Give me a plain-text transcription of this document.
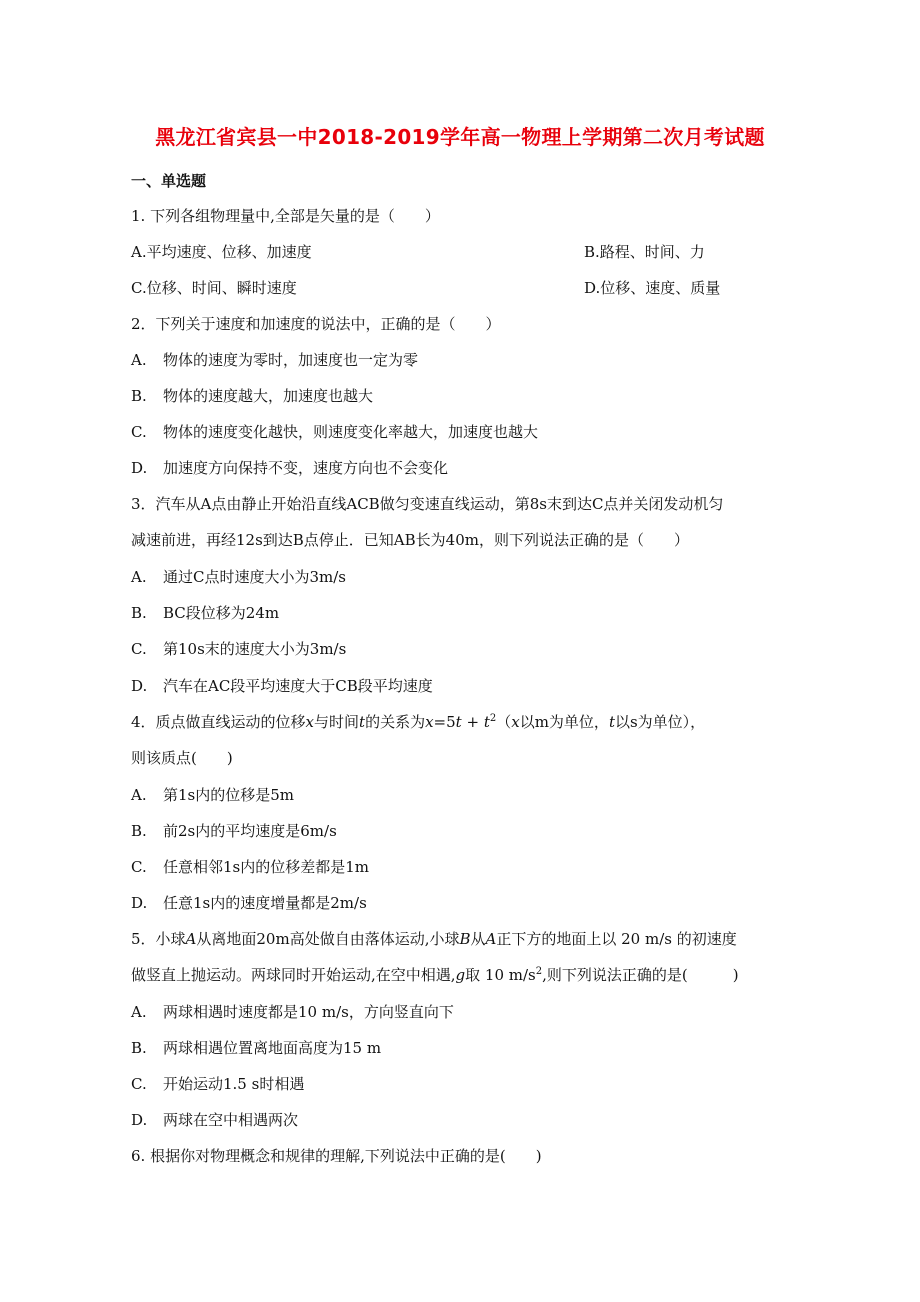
黑龙江省宾县一中2018-2019学年高一物理上学期第二次月考试题
一、单选题
1. 下列各组物理量中,全部是矢量的是（　　）
A.平均速度、位移、加速度	B.路程、时间、力
C.位移、时间、瞬时速度	D.位移、速度、质量
2．下列关于速度和加速度的说法中，正确的是（　　）
A. 物体的速度为零时，加速度也一定为零
B. 物体的速度越大，加速度也越大
C. 物体的速度变化越快，则速度变化率越大，加速度也越大
D. 加速度方向保持不变，速度方向也不会变化
3．汽车从A点由静止开始沿直线ACB做匀变速直线运动，第8s末到达C点并关闭发动机匀
减速前进，再经12s到达B点停止．已知AB长为40m，则下列说法正确的是（　　）
A. 通过C点时速度大小为3m/s
B. BC段位移为24m
C. 第10s末的速度大小为3m/s
D. 汽车在AC段平均速度大于CB段平均速度
4．质点做直线运动的位移x与时间t的关系为$x=5t + t^2(x$以m为单位，t以s为单位），
则该质点(　　)
A. 第1s内的位移是5m
B. 前2s内的平均速度是6m/s
C. 任意相邻1s内的位移差都是1m
D. 任意1s内的速度增量都是2m/s
5．小球A从离地面20m高处做自由落体运动,小球B从A正下方的地面上以 20 m/s 的初速度
做竖直上抛运动。两球同时开始运动,在空中相遇,g取 10 $m/s^2$,则下列说法正确的是(　　　)
A. 两球相遇时速度都是10 m/s，方向竖直向下
B. 两球相遇位置离地面高度为15 m
C. 开始运动1.5 s时相遇
D. 两球在空中相遇两次
6. 根据你对物理概念和规律的理解,下列说法中正确的是(　　)
